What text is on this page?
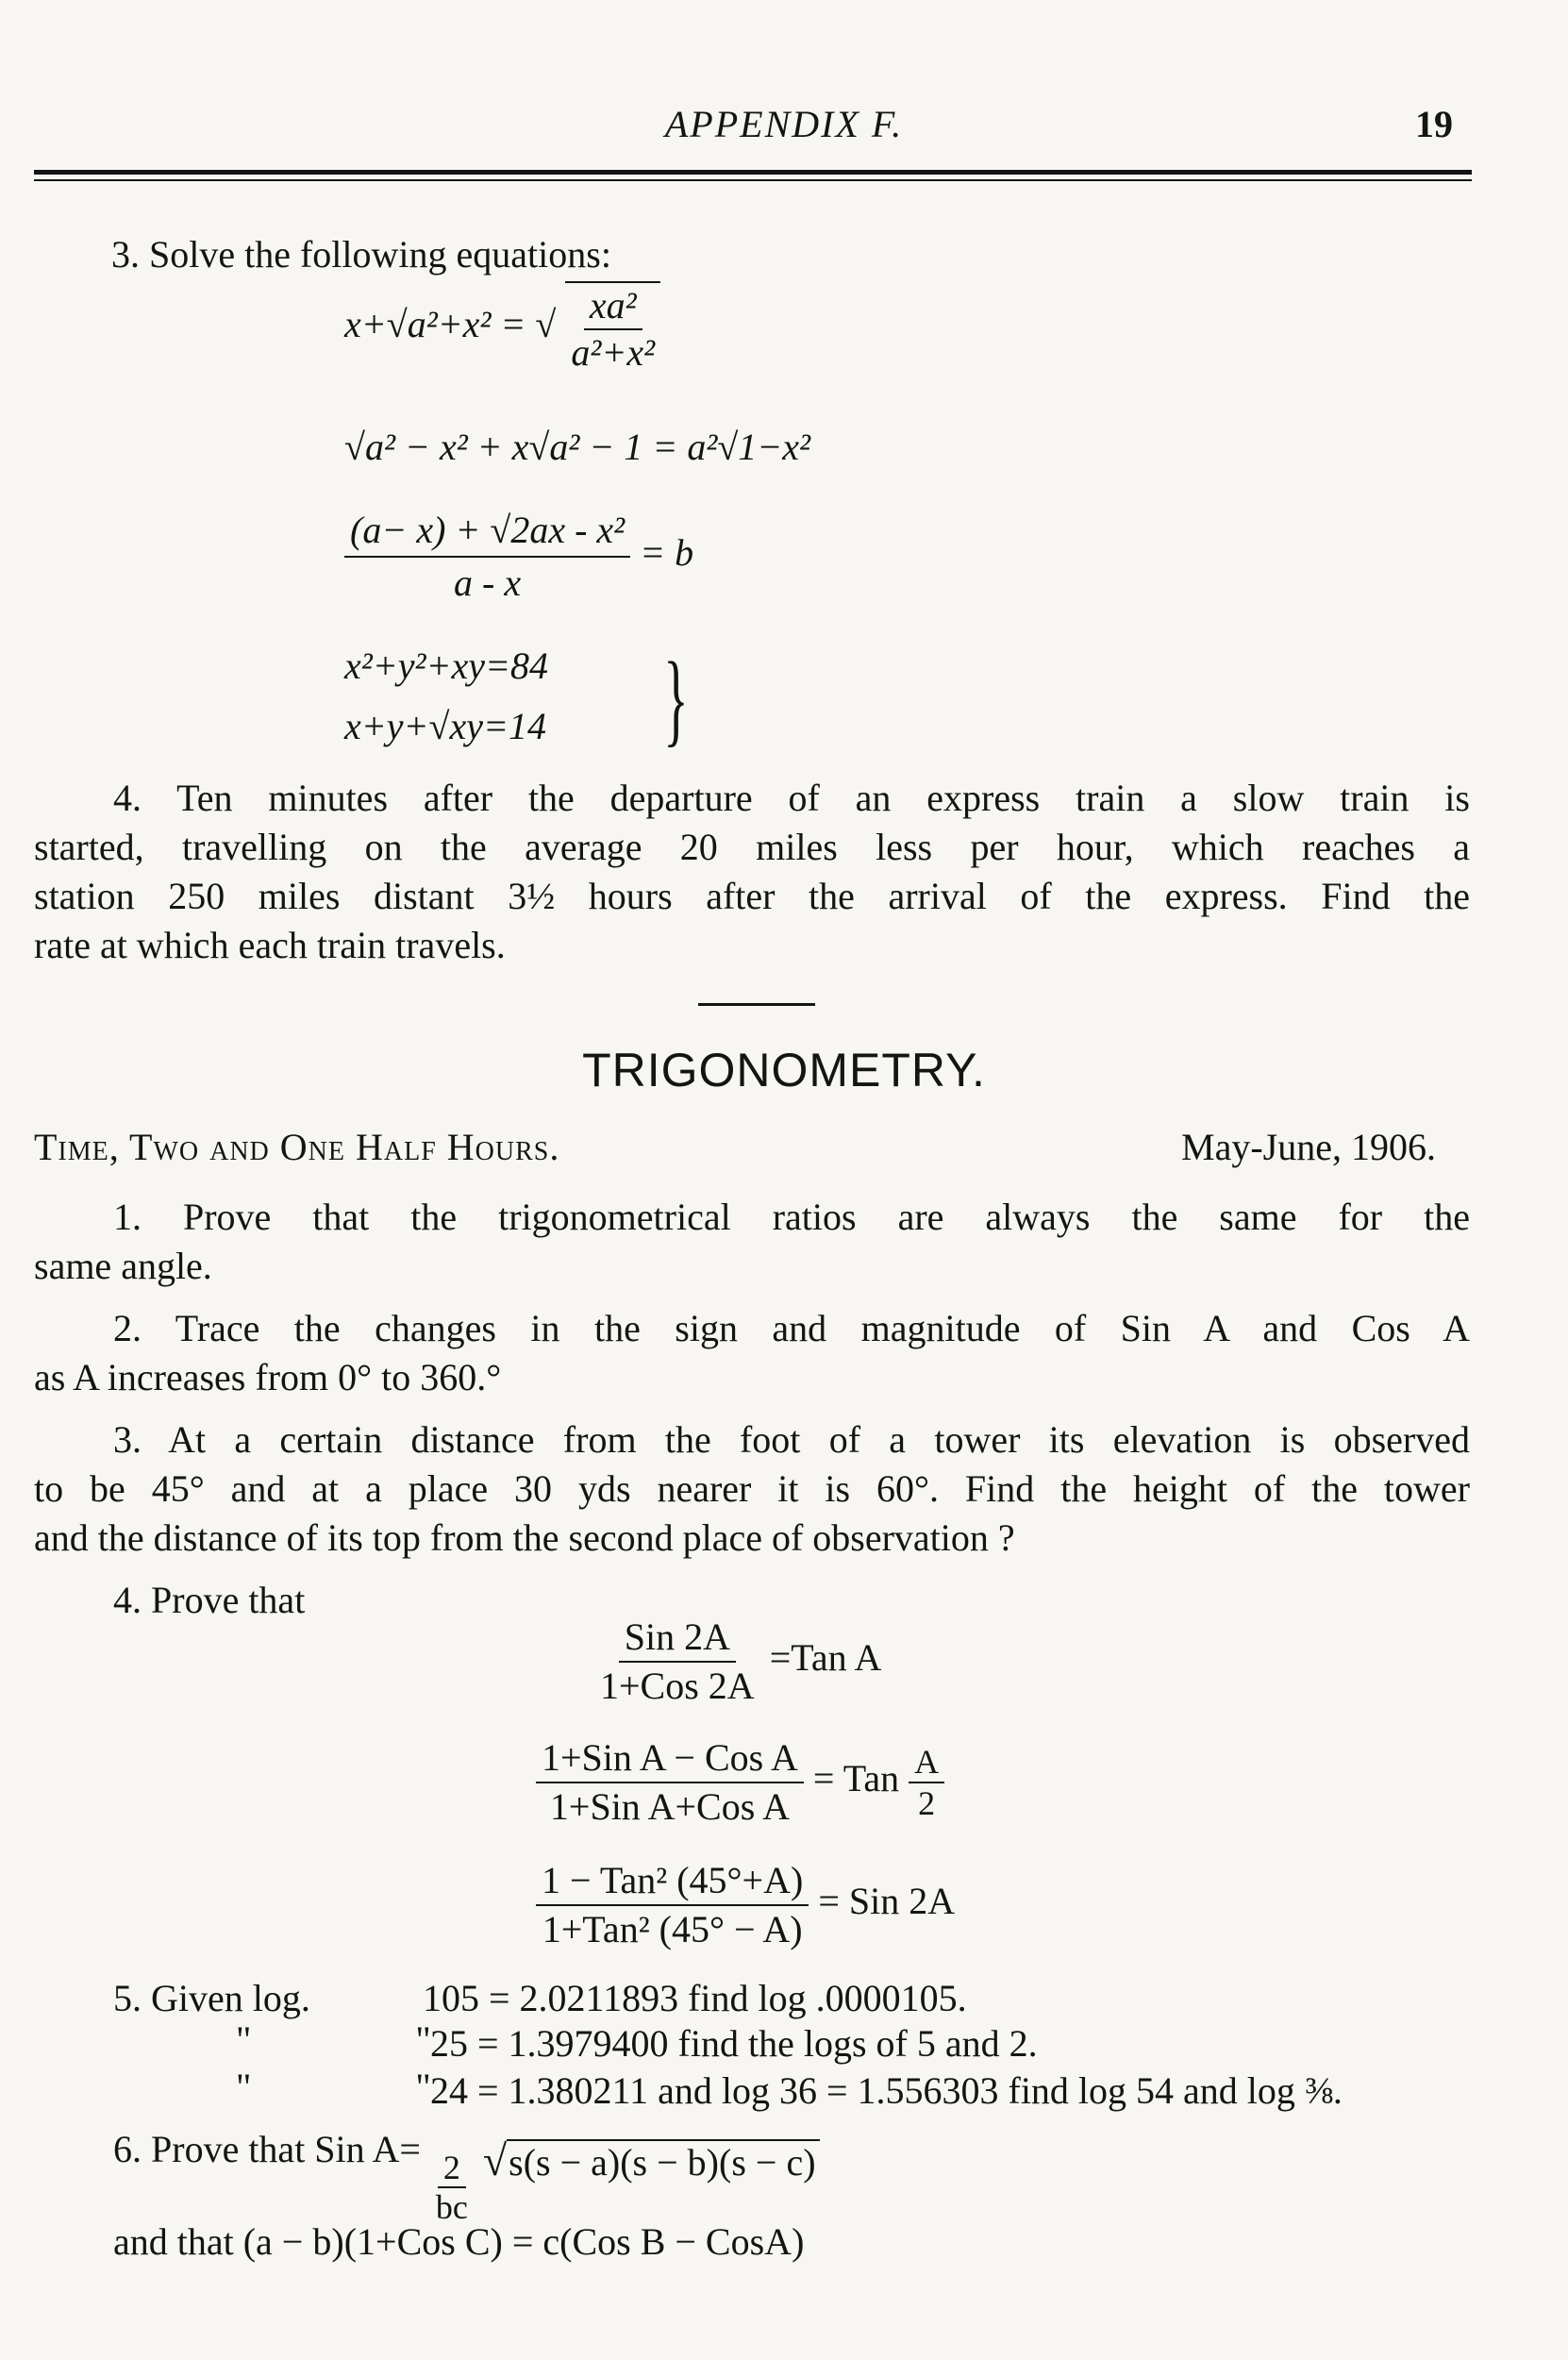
APPENDIX F.	19
3. Solve the following equations:
x+√a²+x² = √ $\frac{\text{xa²}}{\text{a²+x²}}$
√a² − x² + x√a² − 1 = a²√1−x²
$\frac{\text{(a− x) + √2ax - x²}}{a - x} = b$
x²+y²+xy=84
x+y+√xy=14 }
4. Ten minutes after the departure of an express train a slow train is
started, travelling on the average 20 miles less per hour, which reaches a
station 250 miles distant 3½ hours after the arrival of the express. Find the
rate at which each train travels.
TRIGONOMETRY.
Time, Two and One Half Hours.	May-June, 1906.
1. Prove that the trigonometrical ratios are always the same for the
same angle.
2. Trace the changes in the sign and magnitude of Sin A and Cos A
as A increases from 0° to 360.°
3. At a certain distance from the foot of a tower its elevation is observed
to be 45° and at a place 30 yds nearer it is 60°. Find the height of the tower
and the distance of its top from the second place of observation ?
4. Prove that
$\frac{\text{Sin 2A}}{\text{1+Cos 2A}} =Tan$ A
$\frac{\text{1+Sin A − Cos A}}{\text{1+Sin A+Cos A}}$ = Tan $\frac{A}{2}$
$\frac{\text{1 − Tan² (45°+A)}}{\text{1+Tan² (45° − A)}}$ = Sin 2A
5. Given log.	105 = 2.0211893 find log .0000105.
"   " 25 = 1.3979400 find the logs of 5 and 2.
"   " 24 = 1.380211 and log 36 = 1.556303 find log 54 and log ⅜.
6. Prove that Sin $A= \frac{2}{bc} √s(s - a)(s - b)(s - c)$
and that (a − b)(1+Cos C) = c(Cos B − CosA)
